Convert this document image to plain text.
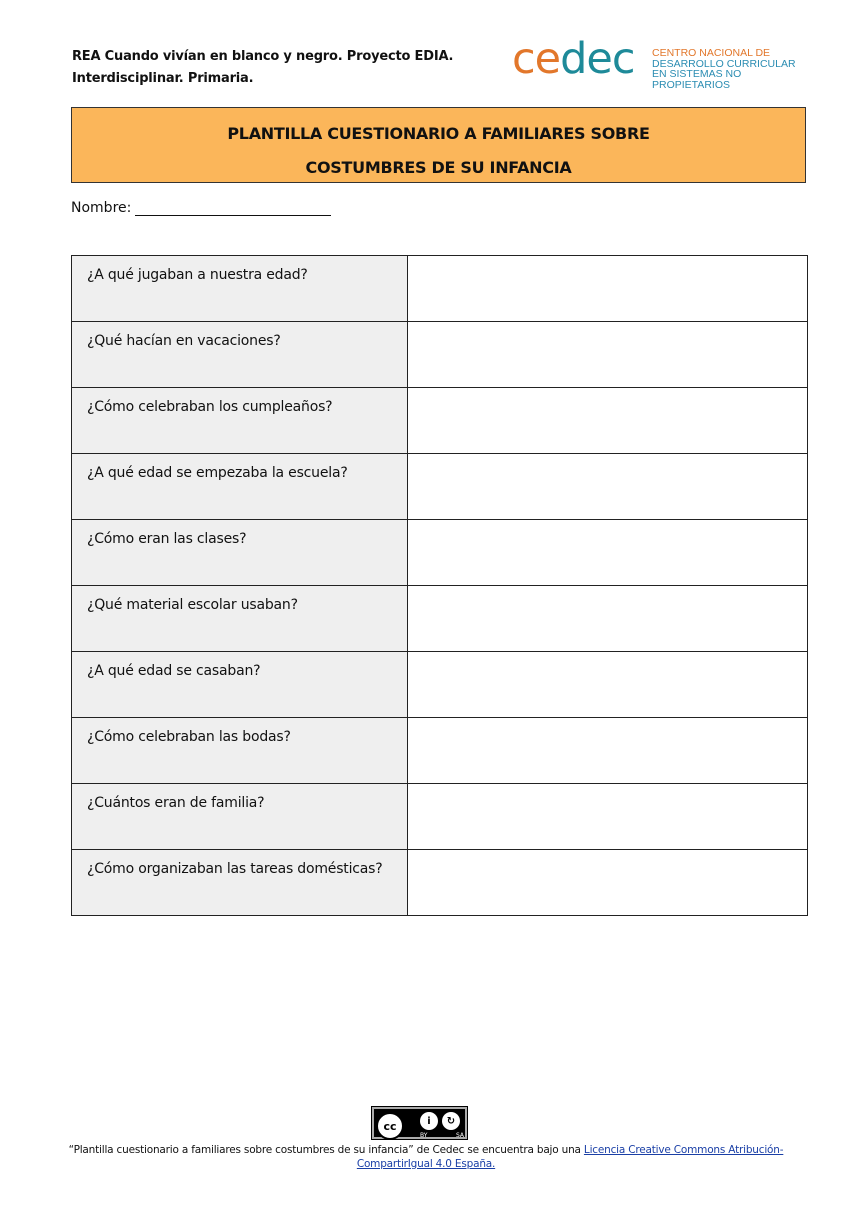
REA Cuando vivían en blanco y negro. Proyecto EDIA.
Interdisciplinar. Primaria.	cedec CENTRO NACIONAL DE
DESARROLLO CURRICULAR
EN SISTEMAS NO PROPIETARIOS
PLANTILLA CUESTIONARIO A FAMILIARES SOBRE
COSTUMBRES DE SU INFANCIA
Nombre:
¿A qué jugaban a nuestra edad?	
¿Qué hacían en vacaciones?	
¿Cómo celebraban los cumpleaños?	
¿A qué edad se empezaba la escuela?	
¿Cómo eran las clases?	
¿Qué material escolar usaban?	
¿A qué edad se casaban?	
¿Cómo celebraban las bodas?	
¿Cuántos eran de familia?	
¿Cómo organizaban las tareas domésticas?	
cc	i	↻
BY	SA
“Plantilla cuestionario a familiares sobre costumbres de su infancia” de Cedec se encuentra bajo una Licencia Creative Commons Atribución-
CompartirIgual 4.0 España.
